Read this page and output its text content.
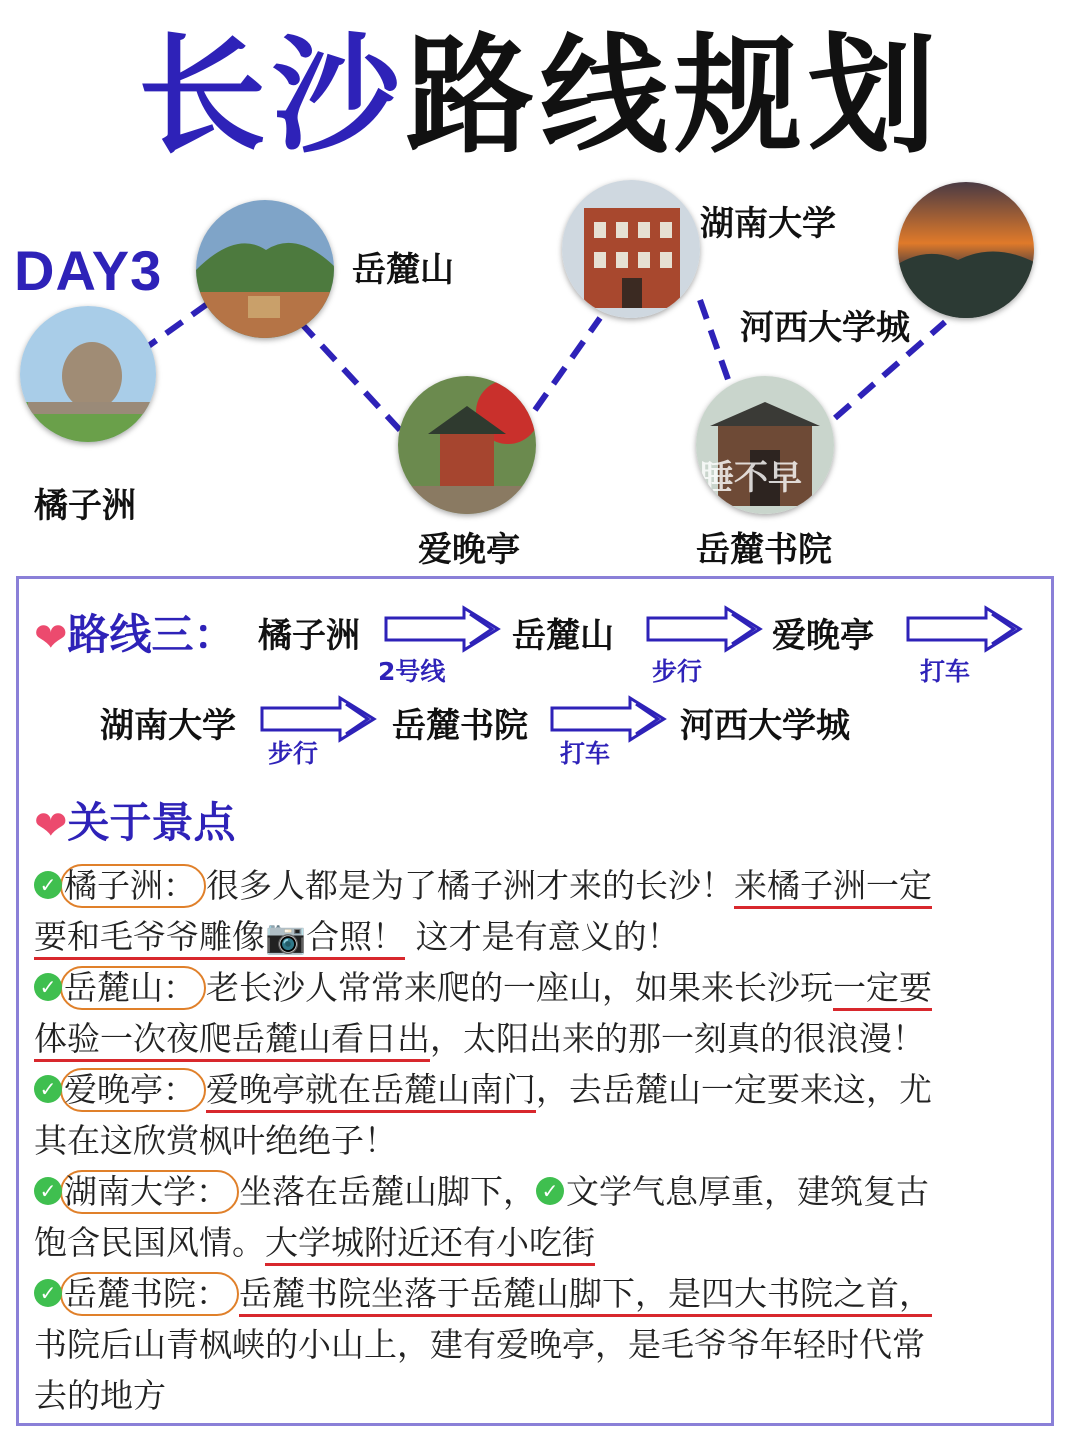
长沙路线规划
DAY3
橘子洲
岳麓山
爱晚亭
湖南大学
睡不早
岳麓书院
河西大学城
❤路线三： 橘子洲
2号线
岳麓山
步行
爱晚亭
打车
湖南大学
步行
岳麓书院
打车
河西大学城
❤关于景点
✓ 橘子洲： 很多人都是为了橘子洲才来的长沙！来橘子洲一定
要和毛爷爷雕像📷合照！ 这才是有意义的！
✓ 岳麓山： 老长沙人常常来爬的一座山，如果来长沙玩一定要
体验一次夜爬岳麓山看日出，太阳出来的那一刻真的很浪漫！
✓ 爱晚亭： 爱晚亭就在岳麓山南门，去岳麓山一定要来这，尤
其在这欣赏枫叶绝绝子！
✓ 湖南大学： 坐落在岳麓山脚下， ✓ 文学气息厚重，建筑复古
饱含民国风情。大学城附近还有小吃街
✓ 岳麓书院： 岳麓书院坐落于岳麓山脚下，是四大书院之首，
书院后山青枫峡的小山上，建有爱晚亭，是毛爷爷年轻时代常
去的地方
